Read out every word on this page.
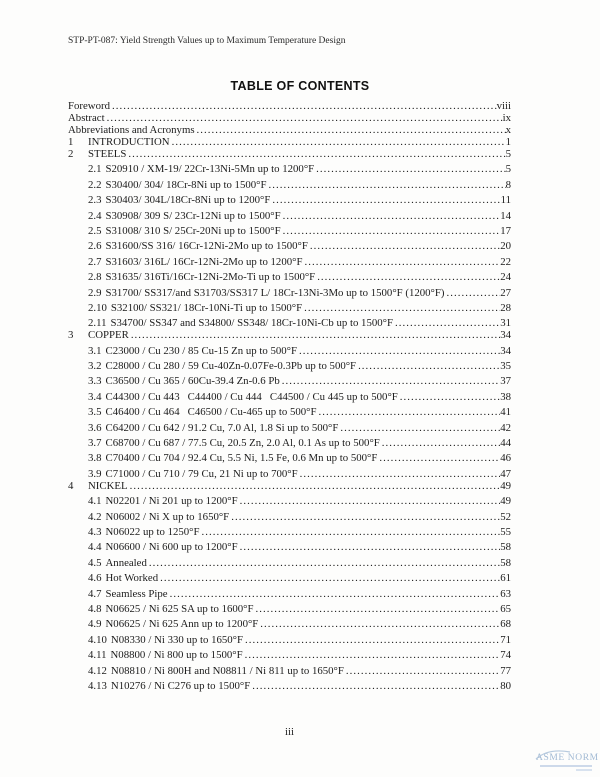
STP-PT-087: Yield Strength Values up to Maximum Temperature Design
TABLE OF CONTENTS
Foreword .....	viii
Abstract .....	ix
Abbreviations and Acronyms .....	x
1	INTRODUCTION .....	1
2	STEELS .....	5
2.1 S20910 / XM-19/ 22Cr-13Ni-5Mn up to 1200°F .....	5
2.2 S30400/ 304/ 18Cr-8Ni up to 1500°F .....	8
2.3 S30403/ 304L/18Cr-8Ni up to 1200°F .....	11
2.4 S30908/ 309 S/ 23Cr-12Ni up to 1500°F .....	14
2.5 S31008/ 310 S/ 25Cr-20Ni up to 1500°F .....	17
2.6 S31600/SS 316/ 16Cr-12Ni-2Mo up to 1500°F .....	20
2.7 S31603/ 316L/ 16Cr-12Ni-2Mo up to 1200°F .....	22
2.8 S31635/ 316Ti/16Cr-12Ni-2Mo-Ti up to 1500°F .....	24
2.9 S31700/ SS317/and S31703/SS317 L/ 18Cr-13Ni-3Mo up to 1500°F (1200°F) .....	27
2.10 S32100/ SS321/ 18Cr-10Ni-Ti up to 1500°F .....	28
2.11 S34700/ SS347 and S34800/ SS348/ 18Cr-10Ni-Cb up to 1500°F .....	31
3	COPPER .....	34
3.1 C23000 / Cu 230 / 85 Cu-15 Zn up to 500°F .....	34
3.2 C28000 / Cu 280 / 59 Cu-40Zn-0.07Fe-0.3Pb up to 500°F .....	35
3.3 C36500 / Cu 365 / 60Cu-39.4 Zn-0.6 Pb .....	37
3.4 C44300 / Cu 443   C44400 / Cu 444   C44500 / Cu 445 up to 500°F .....	38
3.5 C46400 / Cu 464   C46500 / Cu-465 up to 500°F .....	41
3.6 C64200 / Cu 642 / 91.2 Cu, 7.0 Al, 1.8 Si up to 500°F .....	42
3.7 C68700 / Cu 687 / 77.5 Cu, 20.5 Zn, 2.0 Al, 0.1 As up to 500°F .....	44
3.8 C70400 / Cu 704 / 92.4 Cu, 5.5 Ni, 1.5 Fe, 0.6 Mn up to 500°F .....	46
3.9 C71000 / Cu 710 / 79 Cu, 21 Ni up to 700°F .....	47
4	NICKEL .....	49
4.1 N02201 / Ni 201 up to 1200°F .....	49
4.2 N06002 / Ni X up to 1650°F .....	52
4.3 N06022 up to 1250°F .....	55
4.4 N06600 / Ni 600 up to 1200°F .....	58
4.5 Annealed .....	58
4.6 Hot Worked .....	61
4.7 Seamless Pipe .....	63
4.8 N06625 / Ni 625 SA up to 1600°F .....	65
4.9 N06625 / Ni 625 Ann up to 1200°F .....	68
4.10 N08330 / Ni 330 up to 1650°F .....	71
4.11 N08800 / Ni 800 up to 1500°F .....	74
4.12 N08810 / Ni 800H and N08811 / Ni 811 up to 1650°F .....	77
4.13 N10276 / Ni C276 up to 1500°F .....	80
iii
ASME NORM
